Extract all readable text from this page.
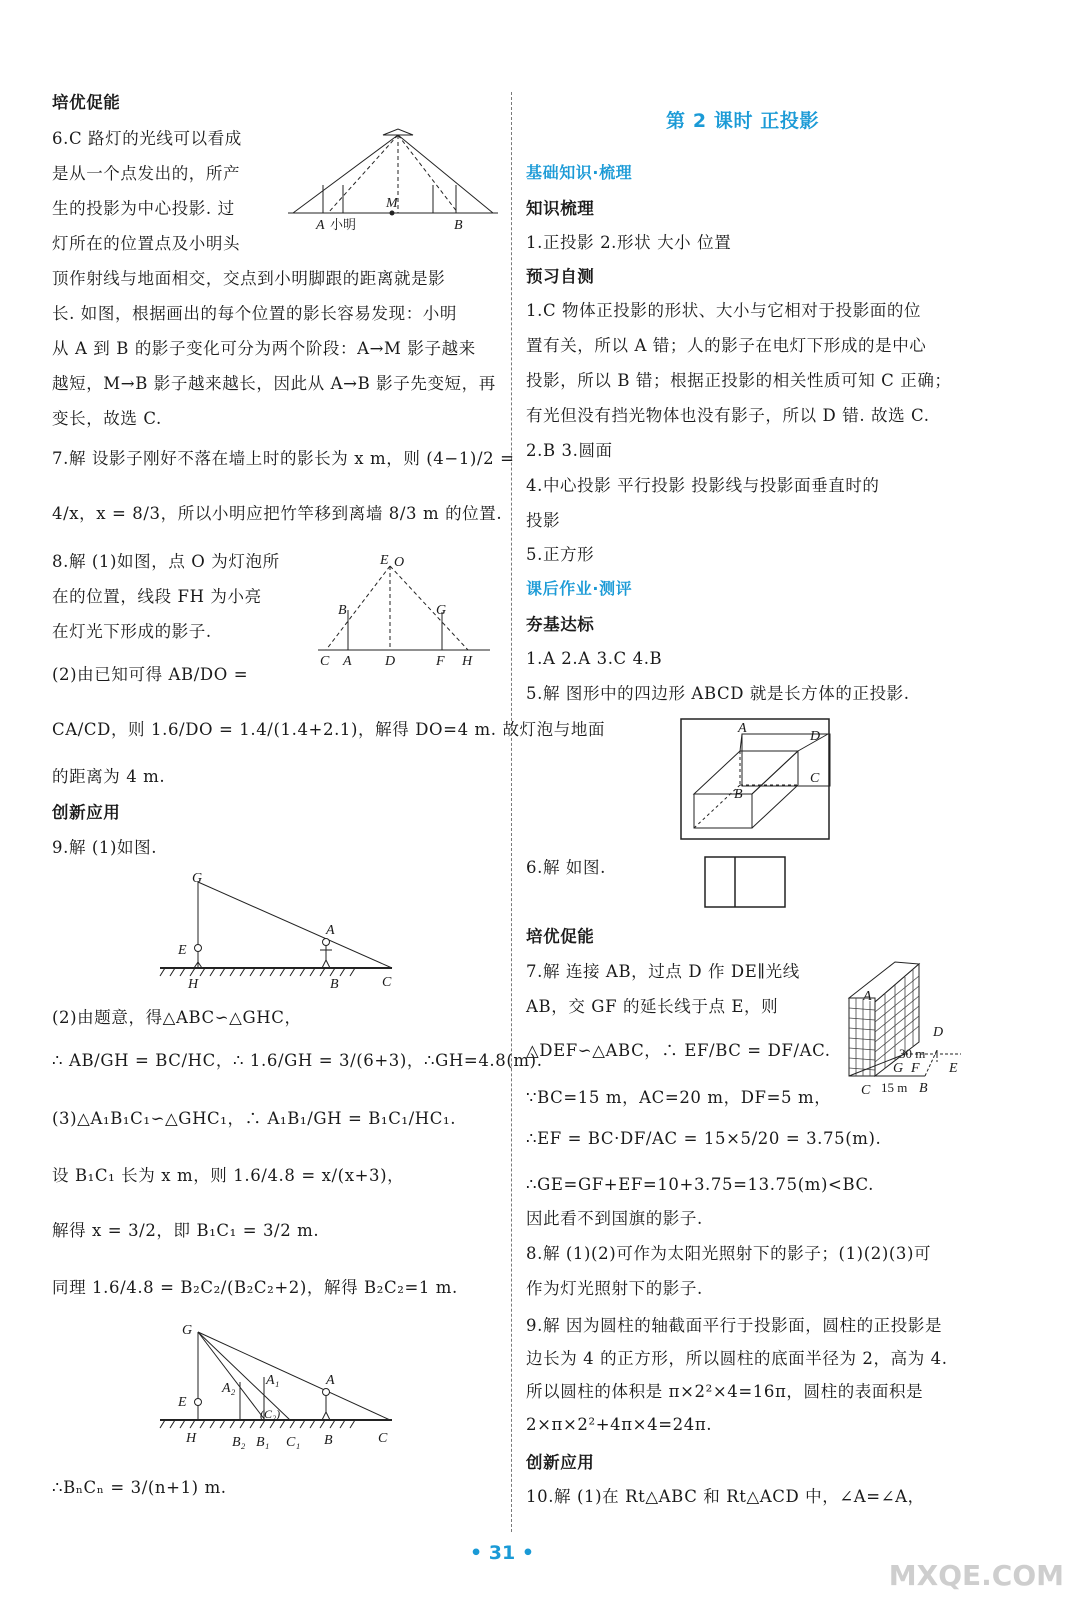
培优促能
6.C 路灯的光线可以看成
是从一个点发出的，所产
生的投影为中心投影. 过
灯所在的位置点及小明头
顶作射线与地面相交，交点到小明脚跟的距离就是影
长. 如图，根据画出的每个位置的影长容易发现：小明
从 A 到 B 的影子变化可分为两个阶段：A→M 影子越来
越短，M→B 影子越来越长，因此从 A→B 影子先变短，再
变长，故选 C.
7.解 设影子刚好不落在墙上时的影长为 x m，则 (4−1)/2 =
4/x，x = 8/3，所以小明应把竹竿移到离墙 8/3 m 的位置.
8.解 (1)如图，点 O 为灯泡所
在的位置，线段 FH 为小亮
在灯光下形成的影子.
(2)由已知可得 AB/DO =
CA/CD，则 1.6/DO = 1.4/(1.4+2.1)，解得 DO=4 m. 故灯泡与地面
的距离为 4 m.
创新应用
9.解 (1)如图.
(2)由题意，得△ABC∽△GHC，
∴ AB/GH = BC/HC，∴ 1.6/GH = 3/(6+3)，∴GH=4.8(m).
(3)△A₁B₁C₁∽△GHC₁，∴ A₁B₁/GH = B₁C₁/HC₁.
设 B₁C₁ 长为 x m，则 1.6/4.8 = x/(x+3)，
解得 x = 3/2，即 B₁C₁ = 3/2 m.
同理 1.6/4.8 = B₂C₂/(B₂C₂+2)，解得 B₂C₂=1 m.
∴BₙCₙ = 3/(n+1) m.
第 2 课时 正投影
基础知识·梳理
知识梳理
1.正投影 2.形状 大小 位置
预习自测
1.C 物体正投影的形状、大小与它相对于投影面的位
置有关，所以 A 错；人的影子在电灯下形成的是中心
投影，所以 B 错；根据正投影的相关性质可知 C 正确；
有光但没有挡光物体也没有影子，所以 D 错. 故选 C.
2.B 3.圆面
4.中心投影 平行投影 投影线与投影面垂直时的
投影
5.正方形
课后作业·测评
夯基达标
1.A 2.A 3.C 4.B
5.解 图形中的四边形 ABCD 就是长方体的正投影.
6.解 如图.
培优促能
7.解 连接 AB，过点 D 作 DE∥光线
AB，交 GF 的延长线于点 E，则
△DEF∽△ABC，∴ EF/BC = DF/AC.
∵BC=15 m，AC=20 m，DF=5 m，
∴EF = BC·DF/AC = 15×5/20 = 3.75(m).
∴GE=GF+EF=10+3.75=13.75(m)<BC.
因此看不到国旗的影子.
8.解 (1)(2)可作为太阳光照射下的影子；(1)(2)(3)可
作为灯光照射下的影子.
9.解 因为圆柱的轴截面平行于投影面，圆柱的正投影是
边长为 4 的正方形，所以圆柱的底面半径为 2，高为 4.
所以圆柱的体积是 π×2²×4=16π，圆柱的表面积是
2×π×2²+4π×4=24π.
创新应用
10.解 (1)在 Rt△ABC 和 Rt△ACD 中，∠A=∠A，
A 小明
M
B
E O
B	G
C A D	F H
G
E
H
A
B	C
G
E
H
A₂
A₁	A
(C₂)
B₂ B₁ C₁ B	C
A
D
B
C
A
D
30 m
G F
B
E
C 15 m
• 31 •
MXQE.COM
